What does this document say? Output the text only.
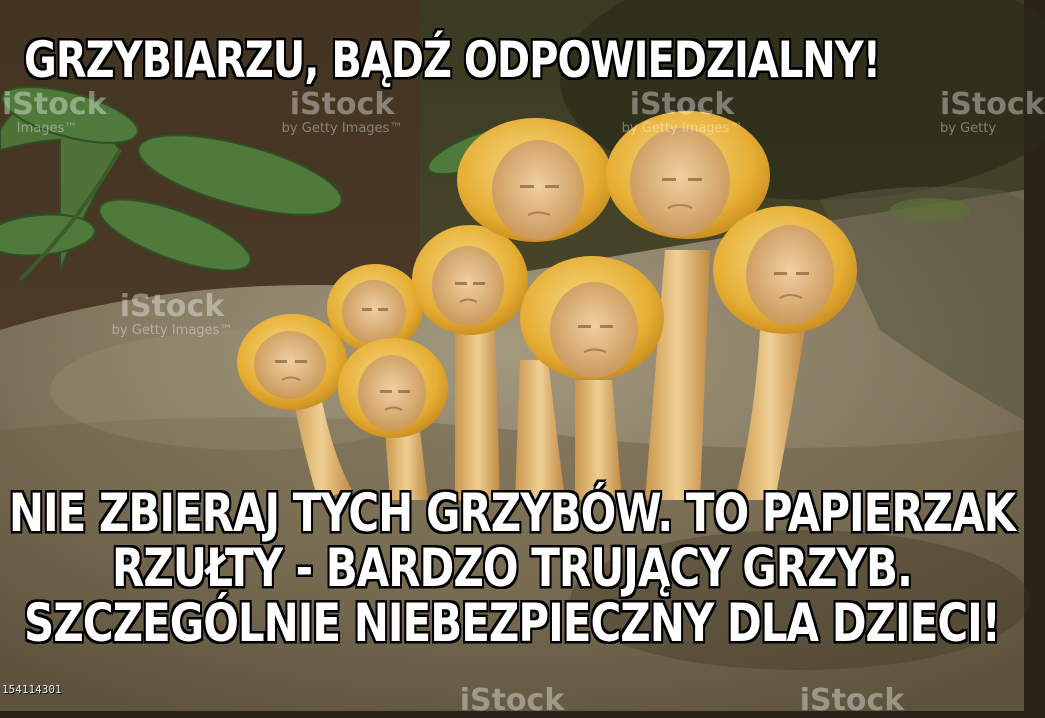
iStock
Images™
iStock
by Getty Images™
iStock
by Getty Images™
iStock
by Getty
iStock
by Getty Images™
iStock	iStock
GRZYBIARZU, BĄDŹ ODPOWIEDZIALNY!
NIE ZBIERAJ TYCH GRZYBÓW. TO PAPIERZAK
RZUŁTY - BARDZO TRUJĄCY GRZYB.
SZCZEGÓLNIE NIEBEZPIECZNY DLA DZIECI!
154114301
